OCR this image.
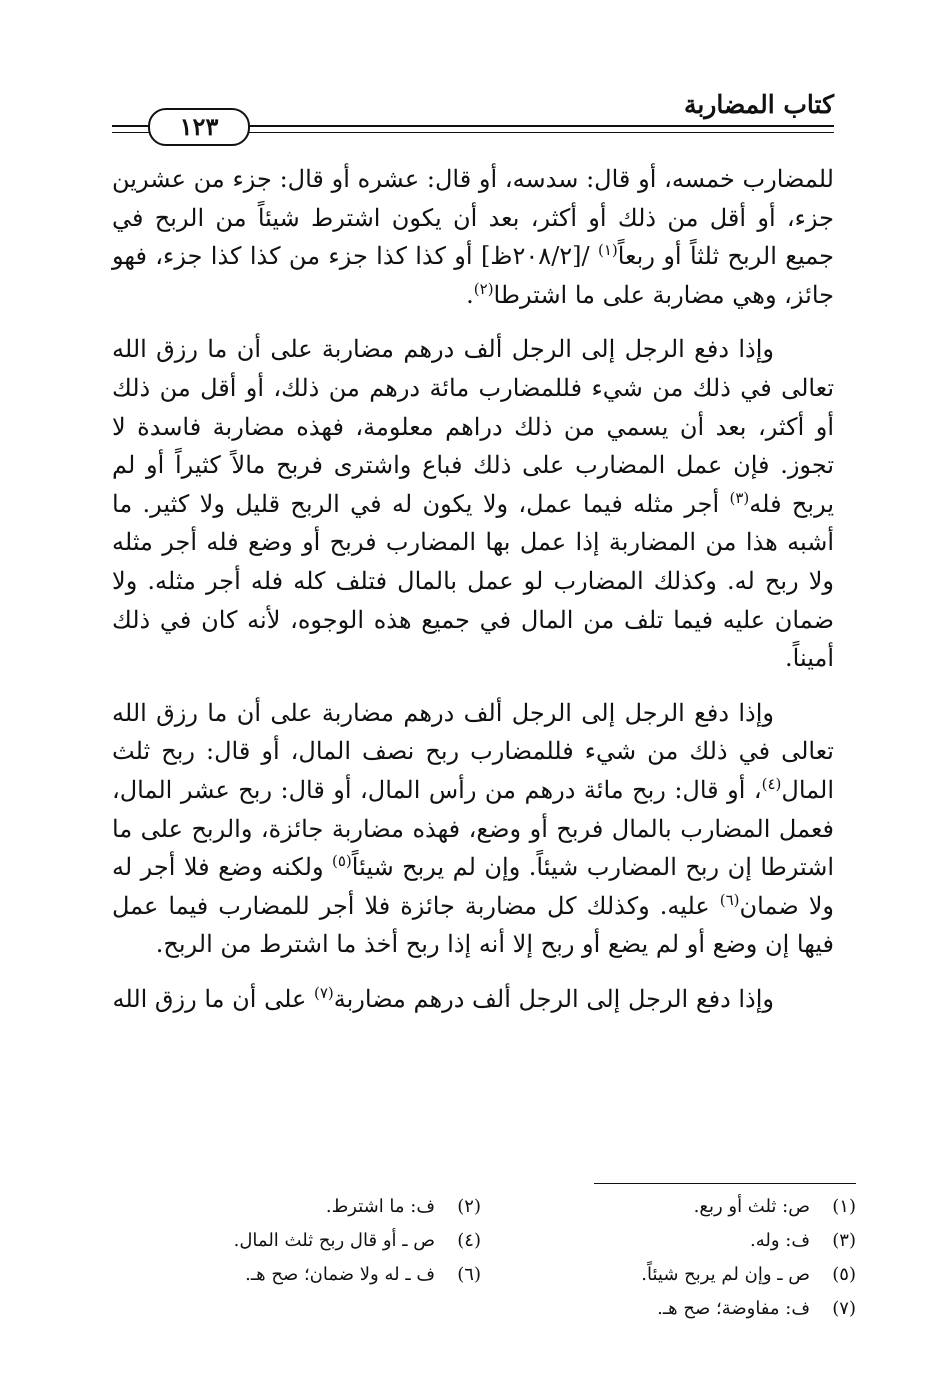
كتاب المضاربة
١٢٣

للمضارب خمسه، أو قال: سدسه، أو قال: عشره أو قال: جزء من عشرين جزء، أو أقل من ذلك أو أكثر، بعد أن يكون اشترط شيئاً من الربح في جميع الربح ثلثاً أو ربعاً$^{(١)}$ /[٢٠٨/٢ظ] أو كذا كذا جزء من كذا كذا جزء، فهو جائز، وهي مضاربة على ما اشترطا$^{(٢)}$.

وإذا دفع الرجل إلى الرجل ألف درهم مضاربة على أن ما رزق الله تعالى في ذلك من شيء فللمضارب مائة درهم من ذلك، أو أقل من ذلك أو أكثر، بعد أن يسمي من ذلك دراهم معلومة، فهذه مضاربة فاسدة لا تجوز. فإن عمل المضارب على ذلك فباع واشترى فربح مالاً كثيراً أو لم يربح فله$^{(٣)}$ أجر مثله فيما عمل، ولا يكون له في الربح قليل ولا كثير. ما أشبه هذا من المضاربة إذا عمل بها المضارب فربح أو وضع فله أجر مثله ولا ربح له. وكذلك المضارب لو عمل بالمال فتلف كله فله أجر مثله. ولا ضمان عليه فيما تلف من المال في جميع هذه الوجوه، لأنه كان في ذلك أميناً.

وإذا دفع الرجل إلى الرجل ألف درهم مضاربة على أن ما رزق الله تعالى في ذلك من شيء فللمضارب ربح نصف المال، أو قال: ربح ثلث المال$^{(٤)}$، أو قال: ربح مائة درهم من رأس المال، أو قال: ربح عشر المال، فعمل المضارب بالمال فربح أو وضع، فهذه مضاربة جائزة، والربح على ما اشترطا إن ربح المضارب شيئاً. وإن لم يربح شيئاً$^{(٥)}$ ولكنه وضع فلا أجر له ولا ضمان$^{(٦)}$ عليه. وكذلك كل مضاربة جائزة فلا أجر للمضارب فيما عمل فيها إن وضع أو لم يضع أو ربح إلا أنه إذا ربح أخذ ما اشترط من الربح.

وإذا دفع الرجل إلى الرجل ألف درهم مضاربة$^{(٧)}$ على أن ما رزق الله

(١)ص: ثلث أو ربع.
(٣)ف: وله.
(٥)ص ـ وإن لم يربح شيئاً.
(٧)ف: مفاوضة؛ صح هـ.
(٢)ف: ما اشترط.
(٤)ص ـ أو قال ربح ثلث المال.
(٦)ف ـ له ولا ضمان؛ صح هـ.
